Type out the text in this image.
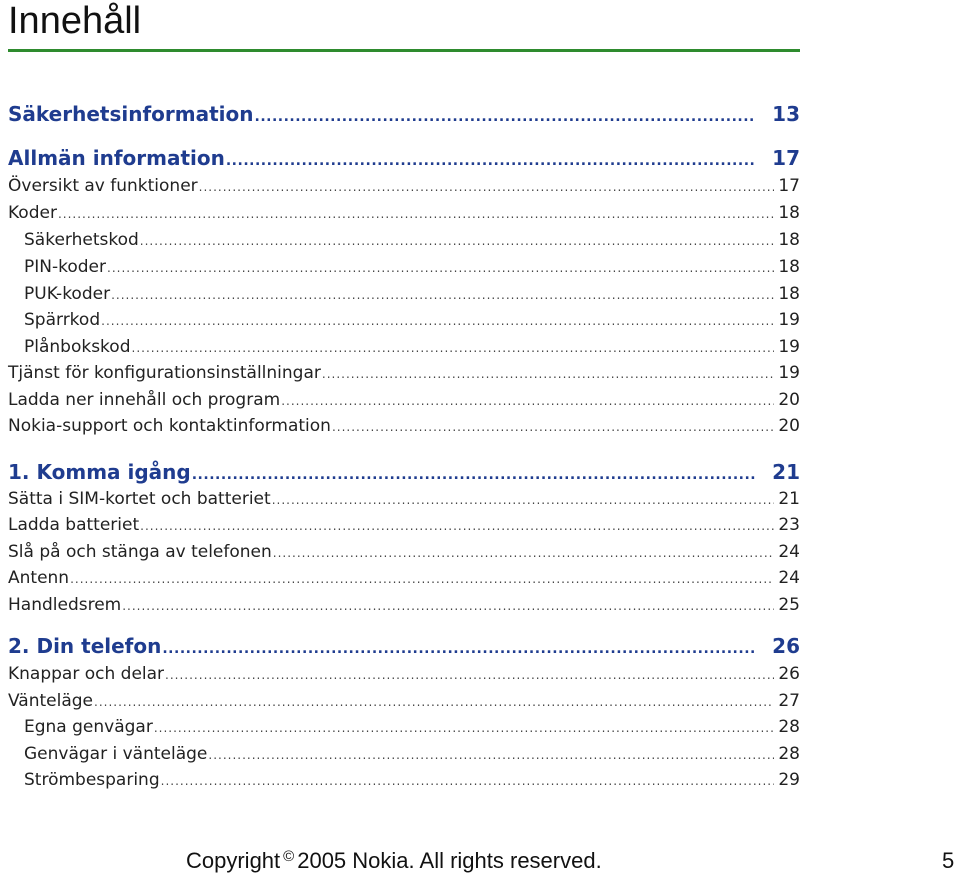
Innehåll
Säkerhetsinformation .....	13
Allmän information .....	17
Översikt av funktioner .....	17
Koder .....	18
Säkerhetskod .....	18
PIN-koder .....	18
PUK-koder .....	18
Spärrkod .....	19
Plånbokskod .....	19
Tjänst för konfigurationsinställningar .....	19
Ladda ner innehåll och program .....	20
Nokia-support och kontaktinformation .....	20
1. Komma igång .....	21
Sätta i SIM-kortet och batteriet .....	21
Ladda batteriet .....	23
Slå på och stänga av telefonen .....	24
Antenn .....	24
Handledsrem .....	25
2. Din telefon .....	26
Knappar och delar .....	26
Vänteläge .....	27
Egna genvägar .....	28
Genvägar i vänteläge .....	28
Strömbesparing .....	29
Copyright © 2005 Nokia. All rights reserved.	5
